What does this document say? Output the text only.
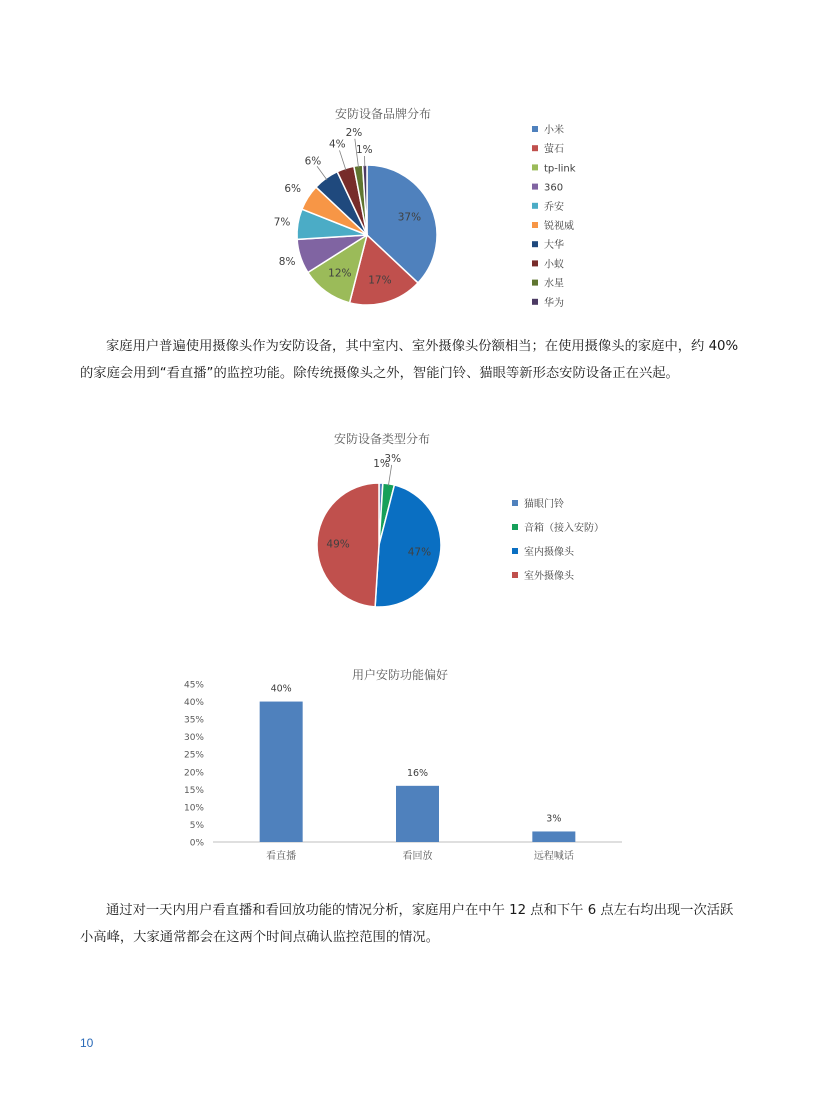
安防设备品牌分布
37%
17%
12%
8%
7%
6%
6%
4%
2%
1%
小米
萤石
tp-link
360
乔安
锐视威
大华
小蚁
水星
华为

家庭用户普遍使用摄像头作为安防设备，其中室内、室外摄像头份额相当；在使用摄像头的家庭中，约 40%的家庭会用到“看直播”的监控功能。除传统摄像头之外，智能门铃、猫眼等新形态安防设备正在兴起。

安防设备类型分布
1%
3%
47%
49%
猫眼门铃
音箱（接入安防）
室内摄像头
室外摄像头
用户安防功能偏好
0%
5%
10%
15%
20%
25%
30%
35%
40%
45%	40%
看直播
16%
看回放
3%
远程喊话

通过对一天内用户看直播和看回放功能的情况分析，家庭用户在中午 12 点和下午 6 点左右均出现一次活跃小高峰，大家通常都会在这两个时间点确认监控范围的情况。

10
